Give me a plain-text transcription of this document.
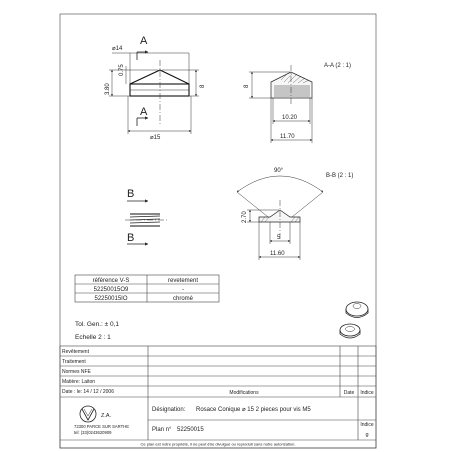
A
A
⌀14
0.75
3.80	8
⌀15
A-A (2 : 1)
8
10.20
11.70
B
B
B-B (2 : 1)
90°
2.70
5
11.60
référence V-S	revetement
52250015O9	-
52250015IO	chromé
Tol. Gen.: ± 0,1
Echelle 2 : 1
Revêtement
Traitement
Normes NFE
Matière: Laiton
Date : le: 14 / 12 / 2006	Modifications	Date Indice
Z.A.
72300 PARCE SUR SARTHE
tel: (33)0243620909
Désignation: Rosace Conique ⌀ 15 2 pieces pour vis M5
Plan n° 52250015
Indice
g
Ce plan est notre propriété, il ne peut être divulgué ou reproduit sans notre autorisation.
